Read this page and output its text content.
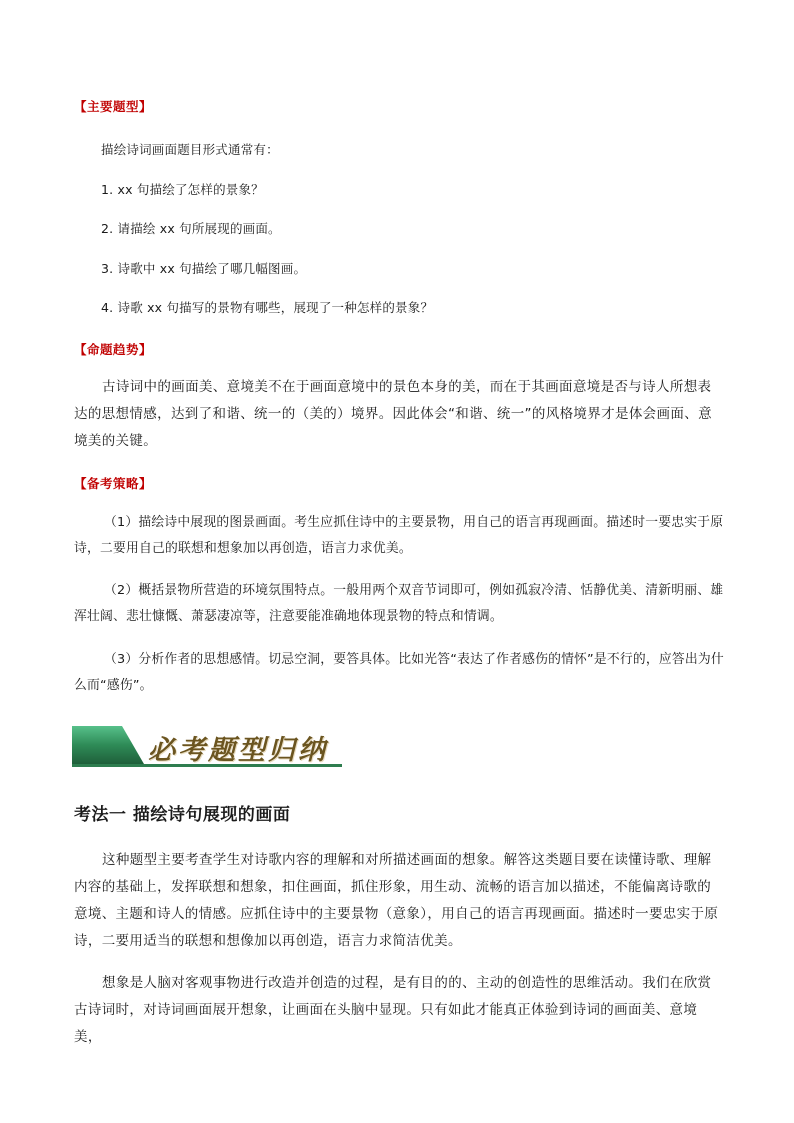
【主要题型】
描绘诗词画面题目形式通常有：
1. xx 句描绘了怎样的景象？
2. 请描绘 xx 句所展现的画面。
3. 诗歌中 xx 句描绘了哪几幅图画。
4. 诗歌 xx 句描写的景物有哪些，展现了一种怎样的景象？
【命题趋势】

古诗词中的画面美、意境美不在于画面意境中的景色本身的美，而在于其画面意境是否与诗人所想表达的思想情感，达到了和谐、统一的（美的）境界。因此体会“和谐、统一”的风格境界才是体会画面、意境美的关键。

【备考策略】

（1）描绘诗中展现的图景画面。考生应抓住诗中的主要景物，用自己的语言再现画面。描述时一要忠实于原诗，二要用自己的联想和想象加以再创造，语言力求优美。

（2）概括景物所营造的环境氛围特点。一般用两个双音节词即可，例如孤寂冷清、恬静优美、清新明丽、雄浑壮阔、悲壮慷慨、萧瑟凄凉等，注意要能准确地体现景物的特点和情调。

（3）分析作者的思想感情。切忌空洞，要答具体。比如光答“表达了作者感伤的情怀”是不行的，应答出为什么而“感伤”。

必考题型归纳
考法一 描绘诗句展现的画面

这种题型主要考查学生对诗歌内容的理解和对所描述画面的想象。解答这类题目要在读懂诗歌、理解内容的基础上，发挥联想和想象，扣住画面，抓住形象，用生动、流畅的语言加以描述，不能偏离诗歌的意境、主题和诗人的情感。应抓住诗中的主要景物（意象），用自己的语言再现画面。描述时一要忠实于原诗，二要用适当的联想和想像加以再创造，语言力求简洁优美。

想象是人脑对客观事物进行改造并创造的过程，是有目的的、主动的创造性的思维活动。我们在欣赏古诗词时，对诗词画面展开想象，让画面在头脑中显现。只有如此才能真正体验到诗词的画面美、意境美，
